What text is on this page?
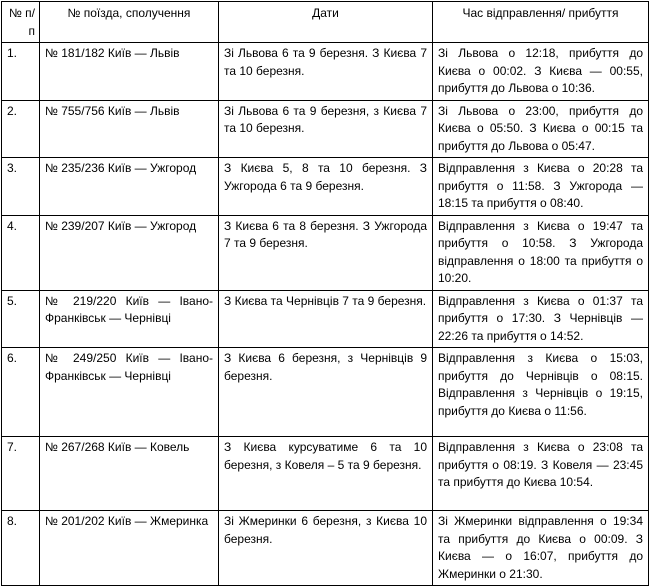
№ п/п	№ поїзда, сполучення	Дати	Час відправлення/ прибуття
1.	№ 181/182 Київ — Львів	Зі Львова 6 та 9 березня. З Києва 7 та 10 березня.	Зі Львова о 12:18, прибуття до Києва о 00:02. З Києва — 00:55, прибуття до Львова о 10:36.
2.	№ 755/756 Київ — Львів	Зі Львова 6 та 9 березня, з Києва 7 та 10 березня.	Зі Львова о 23:00, прибуття до Києва о 05:50. З Києва о 00:15 та прибуття до Львова о 05:47.
3.	№ 235/236 Київ — Ужгород	З Києва 5, 8 та 10 березня. З Ужгорода 6 та 9 березня.	Відправлення з Києва о 20:28 та прибуття о 11:58. З Ужгорода — 18:15 та прибуття о 08:40.
4.	№ 239/207 Київ — Ужгород	З Києва 6 та 8 березня. З Ужгорода 7 та 9 березня.	Відправлення з Києва о 19:47 та прибуття о 10:58. З Ужгорода відправлення о 18:00 та прибуття о 10:20.
5.	№ 219/220 Київ — Івано-Франківськ — Чернівці	З Києва та Чернівців 7 та 9 березня.	Відправлення з Києва о 01:37 та прибуття о 17:30. З Чернівців — 22:26 та прибуття о 14:52.
6.	№ 249/250 Київ — Івано-Франківськ — Чернівці	З Києва 6 березня, з Чернівців 9 березня.	Відправлення з Києва о 15:03, прибуття до Чернівців о 08:15. Відправлення з Чернівців о 19:15, прибуття до Києва о 11:56.
7.	№ 267/268 Київ — Ковель	З Києва курсуватиме 6 та 10 березня, з Ковеля – 5 та 9 березня.	Відправлення з Києва о 23:08 та прибуття о 08:19. З Ковеля — 23:45 та прибуття до Києва 10:54.
8.	№ 201/202 Київ — Жмеринка	Зі Жмеринки 6 березня, з Києва 10 березня.	Зі Жмеринки відправлення о 19:34 та прибуття до Києва о 00:09. З Києва — о 16:07, прибуття до Жмеринки о 21:30.
